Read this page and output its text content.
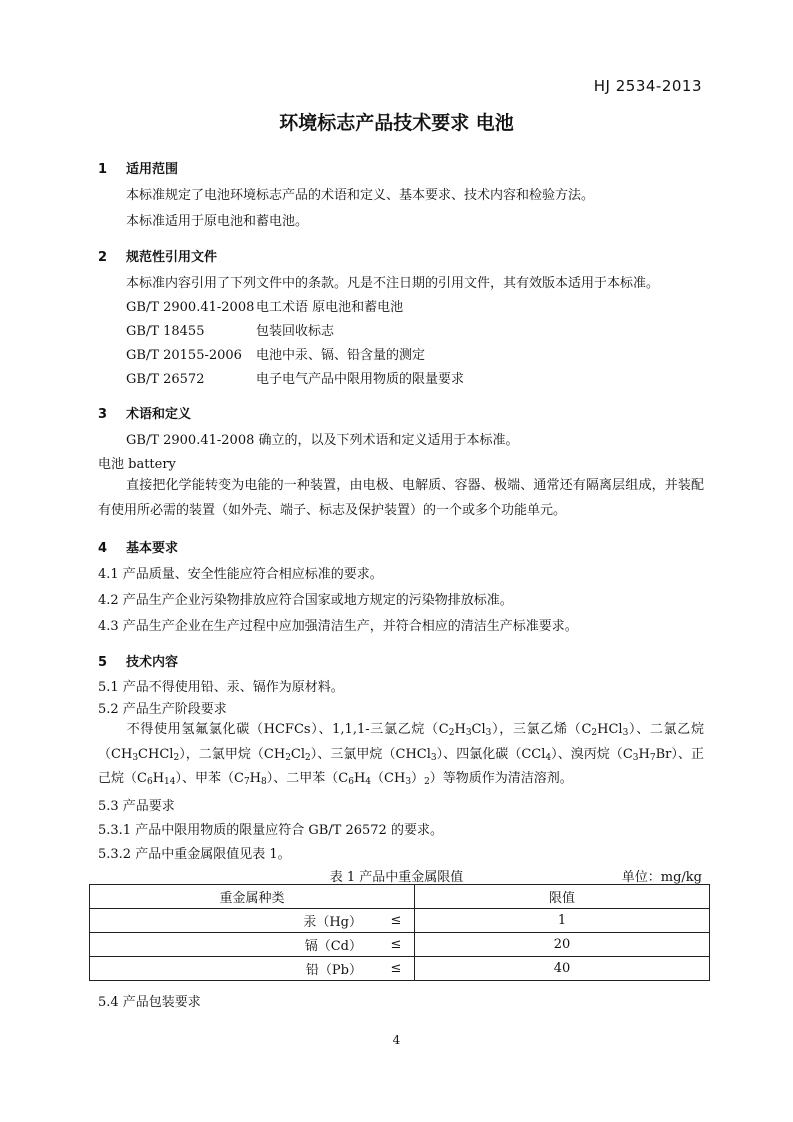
HJ 2534-2013
环境标志产品技术要求 电池
1 适用范围
本标准规定了电池环境标志产品的术语和定义、基本要求、技术内容和检验方法。
本标准适用于原电池和蓄电池。
2 规范性引用文件
本标准内容引用了下列文件中的条款。凡是不注日期的引用文件，其有效版本适用于本标准。
GB/T 2900.41-2008 电工术语 原电池和蓄电池
GB/T 18455	包装回收标志
GB/T 20155-2006 电池中汞、镉、铅含量的测定
GB/T 26572	电子电气产品中限用物质的限量要求
3 术语和定义
GB/T 2900.41-2008 确立的，以及下列术语和定义适用于本标准。
电池 battery
直接把化学能转变为电能的一种装置，由电极、电解质、容器、极端、通常还有隔离层组成，并装配有使用所必需的装置（如外壳、端子、标志及保护装置）的一个或多个功能单元。
4 基本要求
4.1 产品质量、安全性能应符合相应标准的要求。
4.2 产品生产企业污染物排放应符合国家或地方规定的污染物排放标准。
4.3 产品生产企业在生产过程中应加强清洁生产，并符合相应的清洁生产标准要求。
5 技术内容
5.1 产品不得使用铅、汞、镉作为原材料。
5.2 产品生产阶段要求
不得使用氢氟氯化碳（HCFCs）、1,1,1-三氯乙烷$(C_2H_3Cl_3)$，三氯乙烯$(C_2HCl_3)$、二氯乙烷$(CH_3CHCl_2)$，二氯甲烷$(CH_2Cl_2)$、三氯甲烷（CHCl$_3$）、四氯化碳（CCl$_4$）、溴丙烷$(C_3H_7Br)$、正己烷$(C_6H_{14})$、甲苯$(C_7H_8)$、二甲苯$(C_6H_4(CH_3)_2)$等物质作为清洁溶剂。
5.3 产品要求
5.3.1 产品中限用物质的限量应符合 GB/T 26572 的要求。
5.3.2 产品中重金属限值见表 1。
表 1 产品中重金属限值	单位：mg/kg
重金属种类		限值
汞（Hg）	≤	1
镉（Cd）	≤	20
铅（Pb）	≤	40
5.4 产品包装要求
4
